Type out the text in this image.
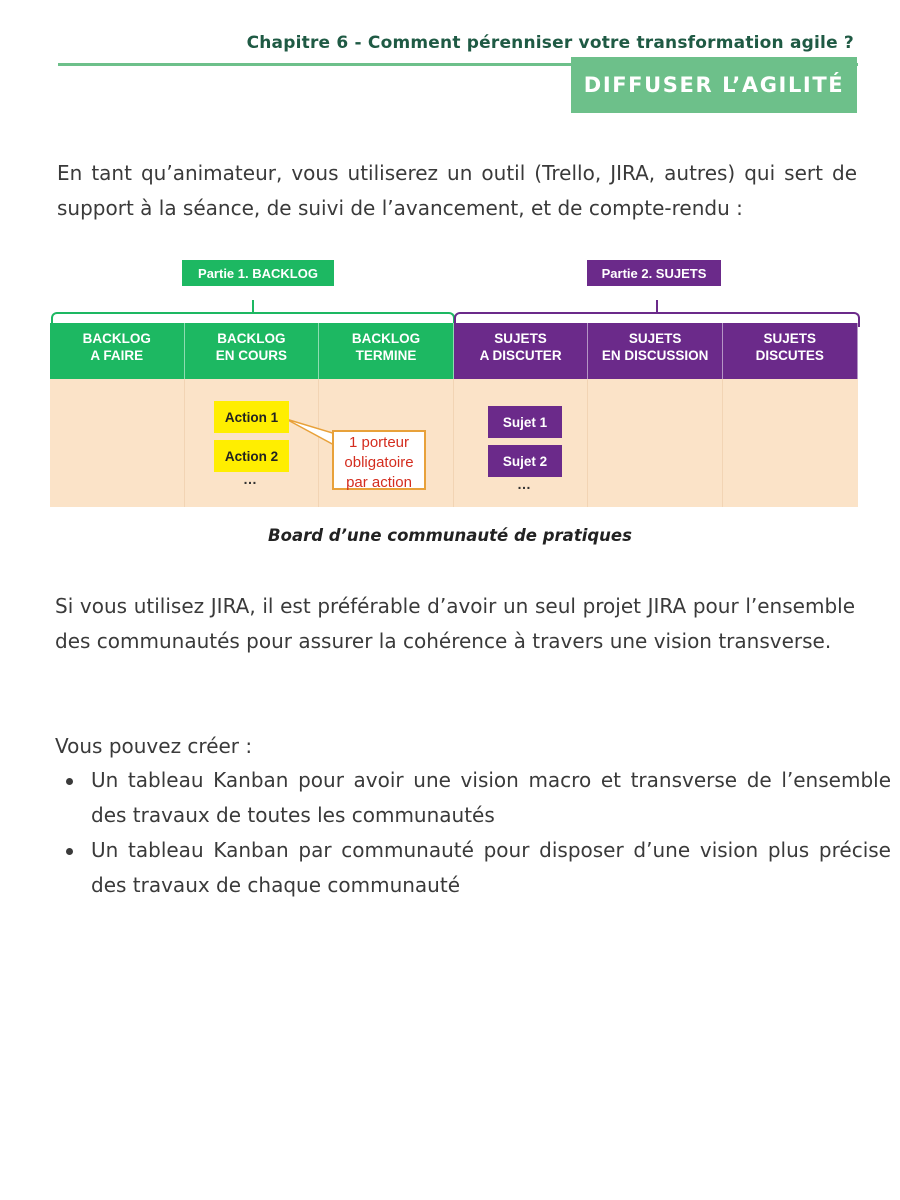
Chapitre 6 - Comment pérenniser votre transformation agile ?
DIFFUSER L’AGILITÉ

En tant qu’animateur, vous utiliserez un outil (Trello, JIRA, autres) qui sert de support à la séance, de suivi de l’avancement, et de compte-rendu :

Partie 1. BACKLOG	Partie 2. SUJETS
BACKLOG
A FAIRE
BACKLOG
EN COURS
BACKLOG
TERMINE
SUJETS
A DISCUTER
SUJETS
EN DISCUSSION
SUJETS
DISCUTES
1 porteur
obligatoire
par action
Action 1
Action 2
…
Sujet 1
Sujet 2
…
Board d’une communauté de pratiques

Si vous utilisez JIRA, il est préférable d’avoir un seul projet JIRA pour l’ensemble des communautés pour assurer la cohérence à travers une vision transverse.

Vous pouvez créer :

Un tableau Kanban pour avoir une vision macro et transverse de l’ensemble des travaux de toutes les communautés
Un tableau Kanban par communauté pour disposer d’une vision plus précise des travaux de chaque communauté
